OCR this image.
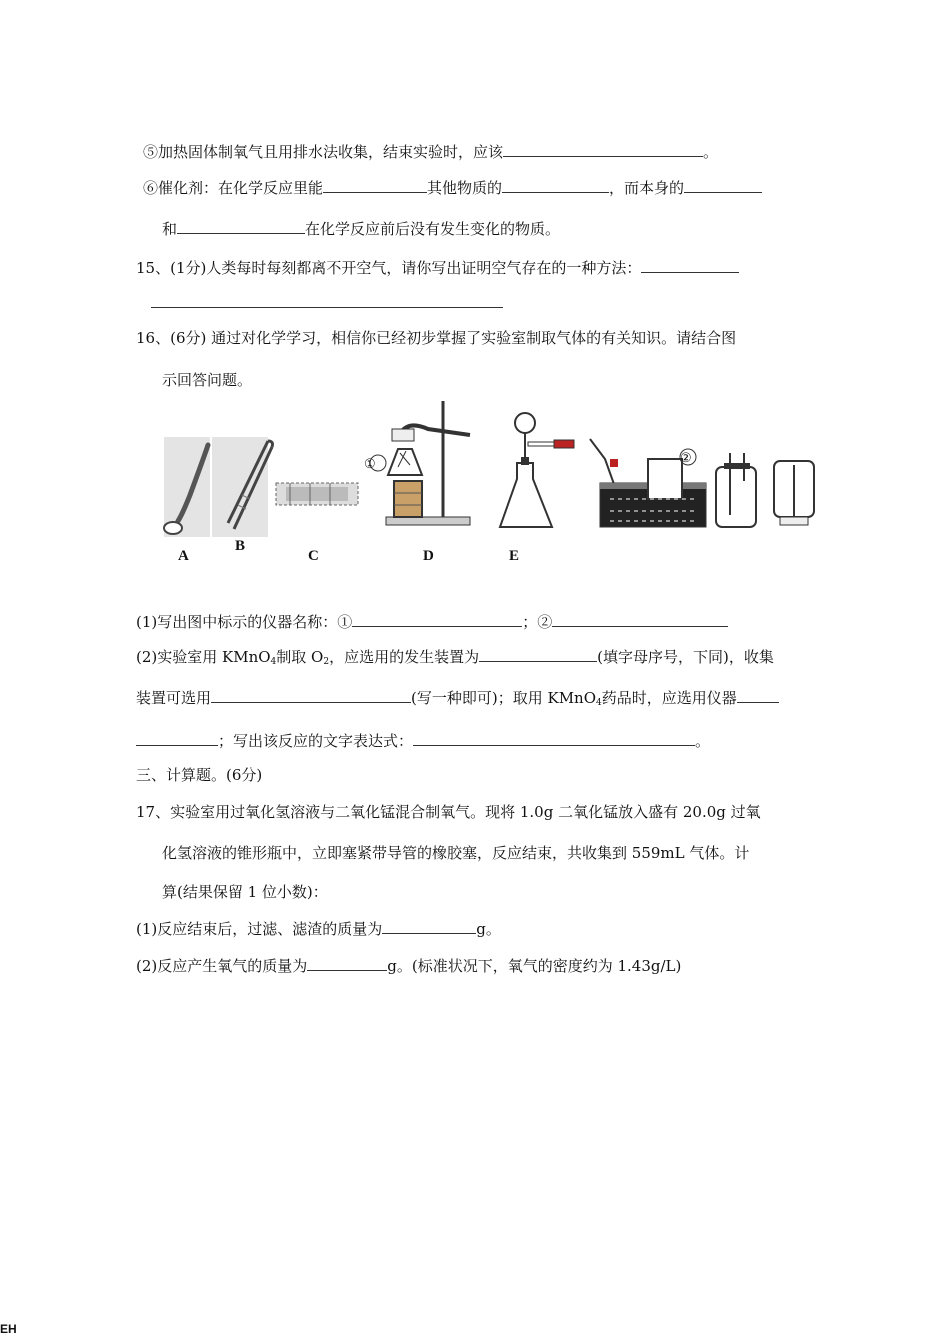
⑤加热固体制氧气且用排水法收集，结束实验时，应该	。
⑥催化剂：在化学反应里能	其他物质的	，而本身的
和	在化学反应前后没有发生变化的物质。
15、(1分)人类每时每刻都离不开空气，请你写出证明空气存在的一种方法：
16、(6分) 通过对化学学习，相信你已经初步掌握了实验室制取气体的有关知识。请结合图
示回答问题。
①	②
A
B
C	D	E
(1)写出图中标示的仪器名称：①	；②
(2)实验室用 KMnO$_4$制取 $O_2$，应选用的发生装置为	(填字母序号，下同)，收集
装置可选用	(写一种即可)；取用 KMnO$_4$药品时，应选用仪器
；写出该反应的文字表达式：	。
三、计算题。(6分)
17、实验室用过氧化氢溶液与二氧化锰混合制氧气。现将 1.0g 二氧化锰放入盛有 20.0g 过氧
化氢溶液的锥形瓶中，立即塞紧带导管的橡胶塞，反应结束，共收集到 559mL 气体。计
算(结果保留 1 位小数)：
(1)反应结束后，过滤、滤渣的质量为	g。
(2)反应产生氧气的质量为	g。(标准状况下，氧气的密度约为 1.43g/L)
EH
